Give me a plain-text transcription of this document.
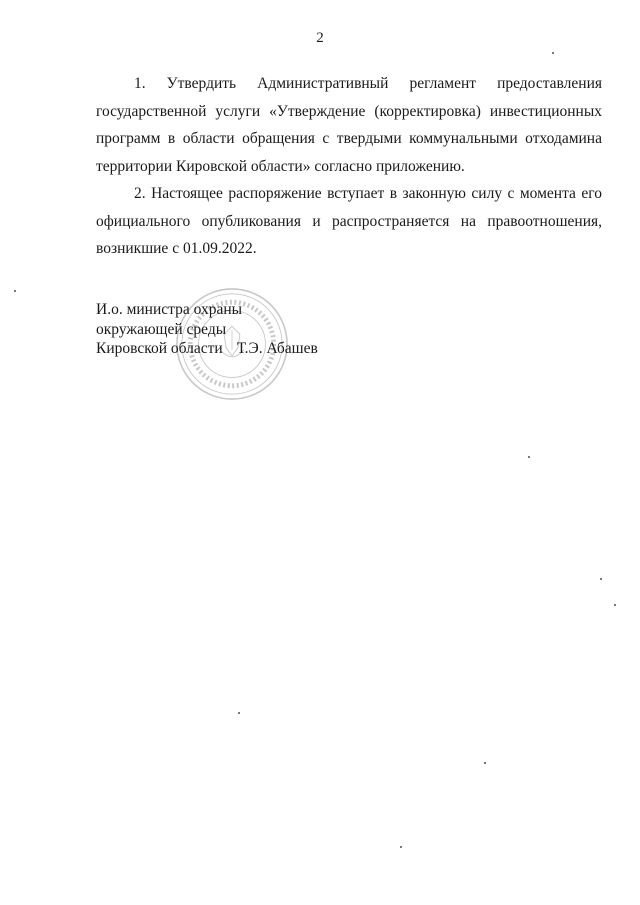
2

1. Утвердить Административный регламент предоставления государственной услуги «Утверждение (корректировка) инвестиционных программ в области обращения с твердыми коммунальными отходамина территории Кировской области» согласно приложению.

2. Настоящее распоряжение вступает в законную силу с момента его официального опубликования и распространяется на правоотношения, возникшие с 01.09.2022.

И.о. министра охраны
окружающей среды
Кировской области Т.Э. Абашев
